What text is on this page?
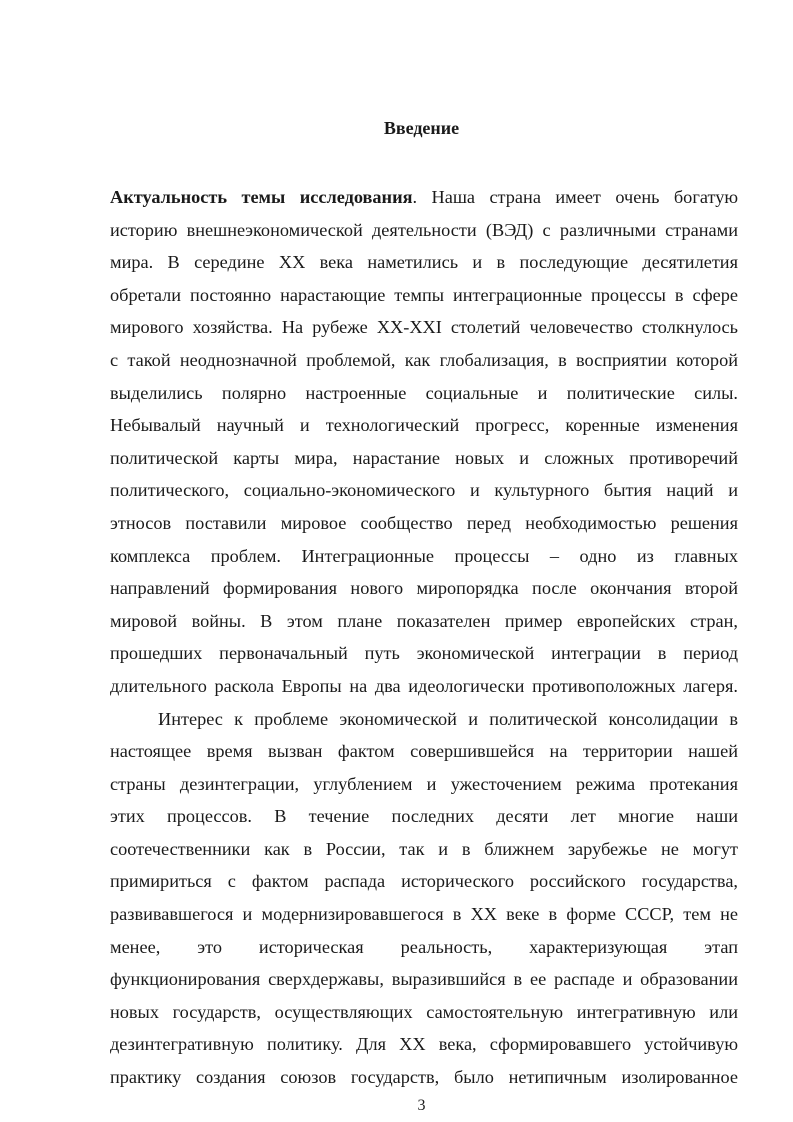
Введение
Актуальность темы исследования. Наша страна имеет очень богатую
историю внешнеэкономической деятельности (ВЭД) с различными странами
мира. В середине XX века наметились и в последующие десятилетия
обретали постоянно нарастающие темпы интеграционные процессы в сфере
мирового хозяйства. На рубеже XX-XXI столетий человечество столкнулось
с такой неоднозначной проблемой, как глобализация, в восприятии которой
выделились полярно настроенные социальные и политические силы.
Небывалый научный и технологический прогресс, коренные изменения
политической карты мира, нарастание новых и сложных противоречий
политического, социально-экономического и культурного бытия наций и
этносов поставили мировое сообщество перед необходимостью решения
комплекса проблем. Интеграционные процессы – одно из главных
направлений формирования нового миропорядка после окончания второй
мировой войны. В этом плане показателен пример европейских стран,
прошедших первоначальный путь экономической интеграции в период
длительного раскола Европы на два идеологически противоположных лагеря.
Интерес к проблеме экономической и политической консолидации в
настоящее время вызван фактом совершившейся на территории нашей
страны дезинтеграции, углублением и ужесточением режима протекания
этих процессов. В течение последних десяти лет многие наши
соотечественники как в России, так и в ближнем зарубежье не могут
примириться с фактом распада исторического российского государства,
развивавшегося и модернизировавшегося в XX веке в форме СССР, тем не
менее, это историческая реальность, характеризующая этап
функционирования сверхдержавы, выразившийся в ее распаде и образовании
новых государств, осуществляющих самостоятельную интегративную или
дезинтегративную политику. Для XX века, сформировавшего устойчивую
практику создания союзов государств, было нетипичным изолированное
3
